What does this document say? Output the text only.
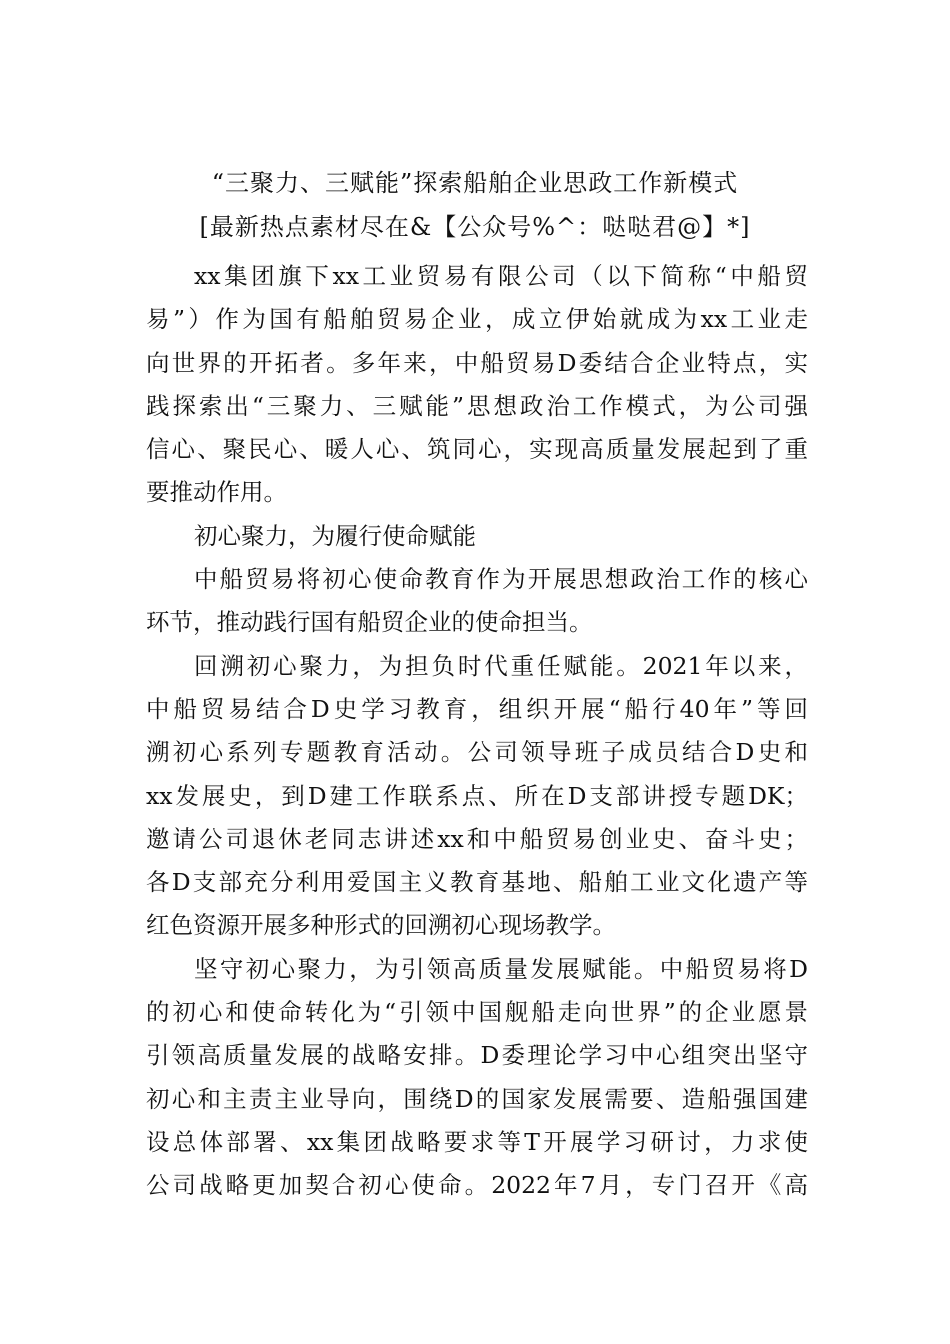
“三聚力、三赋能”探索船舶企业思政工作新模式
[最新热点素材尽在&【公众号%^：哒哒君@】*]
xx集团旗下xx工业贸易有限公司（以下简称“中船贸
易”）作为国有船舶贸易企业，成立伊始就成为xx工业走
向世界的开拓者。多年来，中船贸易D委结合企业特点，实
践探索出“三聚力、三赋能”思想政治工作模式，为公司强
信心、聚民心、暖人心、筑同心，实现高质量发展起到了重
要推动作用。
初心聚力，为履行使命赋能
中船贸易将初心使命教育作为开展思想政治工作的核心
环节，推动践行国有船贸企业的使命担当。
回溯初心聚力，为担负时代重任赋能。2021年以来，
中船贸易结合D史学习教育，组织开展“船行40年”等回
溯初心系列专题教育活动。公司领导班子成员结合D史和
xx发展史，到D建工作联系点、所在D支部讲授专题DK；
邀请公司退休老同志讲述xx和中船贸易创业史、奋斗史；
各D支部充分利用爱国主义教育基地、船舶工业文化遗产等
红色资源开展多种形式的回溯初心现场教学。
坚守初心聚力，为引领高质量发展赋能。中船贸易将D
的初心和使命转化为“引领中国舰船走向世界”的企业愿景
引领高质量发展的战略安排。D委理论学习中心组突出坚守
初心和主责主业导向，围绕D的国家发展需要、造船强国建
设总体部署、xx集团战略要求等T开展学习研讨，力求使
公司战略更加契合初心使命。2022年7月，专门召开《高
